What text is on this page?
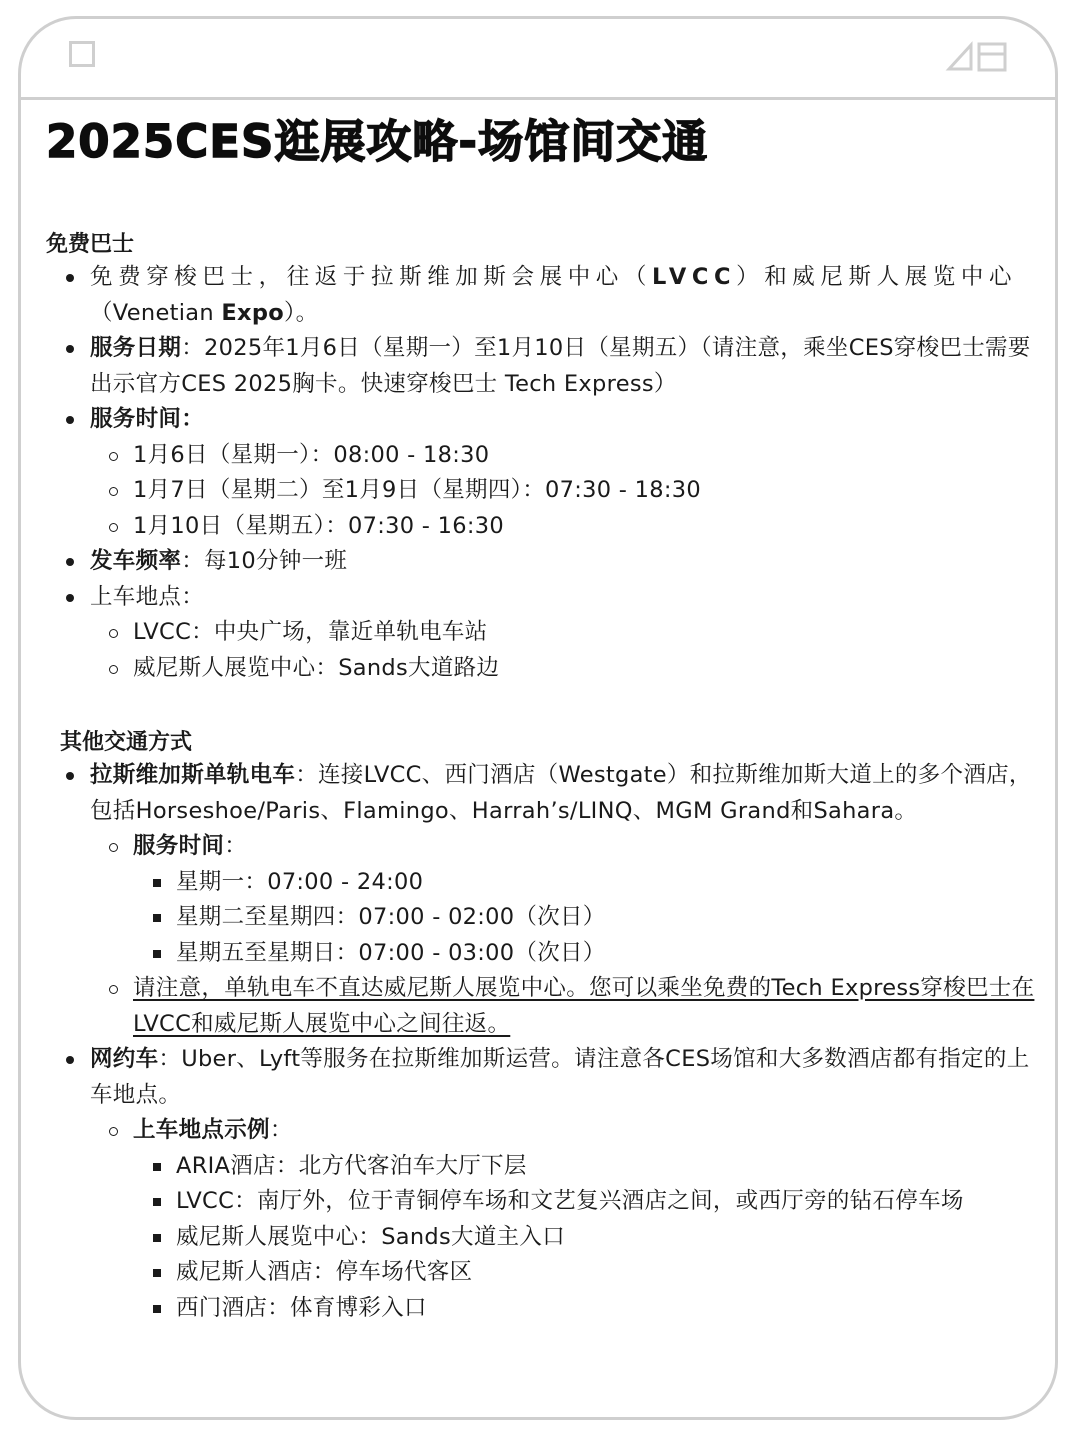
2025CES逛展攻略-场馆间交通
免费巴士
免费穿梭巴士，往返于拉斯维加斯会展中心（LVCC）和威尼斯人展览中心
（Venetian Expo）。
服务日期：2025年1月6日（星期一）至1月10日（星期五）（请注意，乘坐CES穿梭巴士需要出示官方CES 2025胸卡。快速穿梭巴士 Tech Express）
服务时间：
1月6日（星期一）：08:00 - 18:30
1月7日（星期二）至1月9日（星期四）：07:30 - 18:30
1月10日（星期五）：07:30 - 16:30
发车频率：每10分钟一班
上车地点：
LVCC：中央广场，靠近单轨电车站
威尼斯人展览中心：Sands大道路边
其他交通方式
拉斯维加斯单轨电车：连接LVCC、西门酒店（Westgate）和拉斯维加斯大道上的多个酒店，包括Horseshoe/Paris、Flamingo、Harrah’s/LINQ、MGM Grand和Sahara。
服务时间：
星期一：07:00 - 24:00
星期二至星期四：07:00 - 02:00（次日）
星期五至星期日：07:00 - 03:00（次日）
请注意，单轨电车不直达威尼斯人展览中心。您可以乘坐免费的Tech Express穿梭巴士在LVCC和威尼斯人展览中心之间往返。
网约车：Uber、Lyft等服务在拉斯维加斯运营。请注意各CES场馆和大多数酒店都有指定的上车地点。
上车地点示例：
ARIA酒店：北方代客泊车大厅下层
LVCC：南厅外，位于青铜停车场和文艺复兴酒店之间，或西厅旁的钻石停车场
威尼斯人展览中心：Sands大道主入口
威尼斯人酒店：停车场代客区
西门酒店：体育博彩入口
